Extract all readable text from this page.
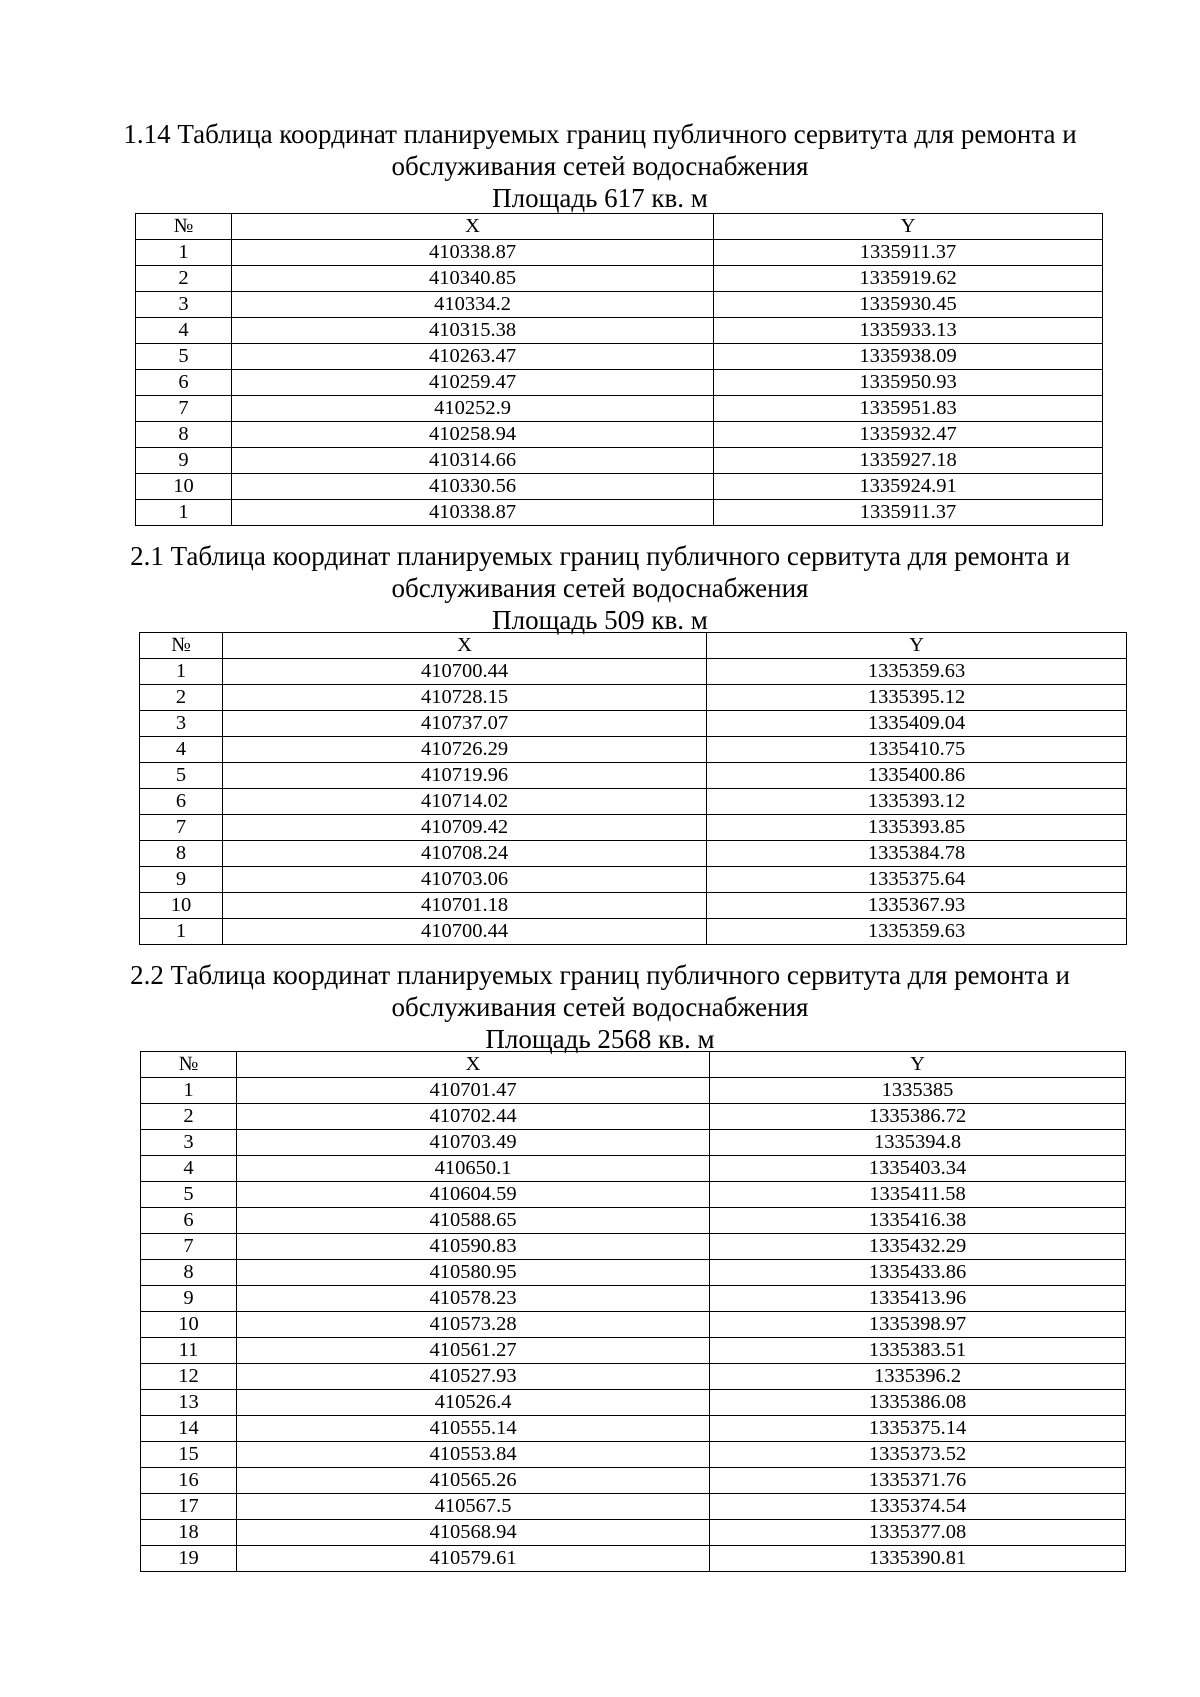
1.14 Таблица координат планируемых границ публичного сервитута для ремонта и
обслуживания сетей водоснабжения
Площадь 617 кв. м
№	X	Y
1	410338.87	1335911.37
2	410340.85	1335919.62
3	410334.2	1335930.45
4	410315.38	1335933.13
5	410263.47	1335938.09
6	410259.47	1335950.93
7	410252.9	1335951.83
8	410258.94	1335932.47
9	410314.66	1335927.18
10	410330.56	1335924.91
1	410338.87	1335911.37
2.1 Таблица координат планируемых границ публичного сервитута для ремонта и
обслуживания сетей водоснабжения
Площадь 509 кв. м
№	X	Y
1	410700.44	1335359.63
2	410728.15	1335395.12
3	410737.07	1335409.04
4	410726.29	1335410.75
5	410719.96	1335400.86
6	410714.02	1335393.12
7	410709.42	1335393.85
8	410708.24	1335384.78
9	410703.06	1335375.64
10	410701.18	1335367.93
1	410700.44	1335359.63
2.2 Таблица координат планируемых границ публичного сервитута для ремонта и
обслуживания сетей водоснабжения
Площадь 2568 кв. м
№	X	Y
1	410701.47	1335385
2	410702.44	1335386.72
3	410703.49	1335394.8
4	410650.1	1335403.34
5	410604.59	1335411.58
6	410588.65	1335416.38
7	410590.83	1335432.29
8	410580.95	1335433.86
9	410578.23	1335413.96
10	410573.28	1335398.97
11	410561.27	1335383.51
12	410527.93	1335396.2
13	410526.4	1335386.08
14	410555.14	1335375.14
15	410553.84	1335373.52
16	410565.26	1335371.76
17	410567.5	1335374.54
18	410568.94	1335377.08
19	410579.61	1335390.81
